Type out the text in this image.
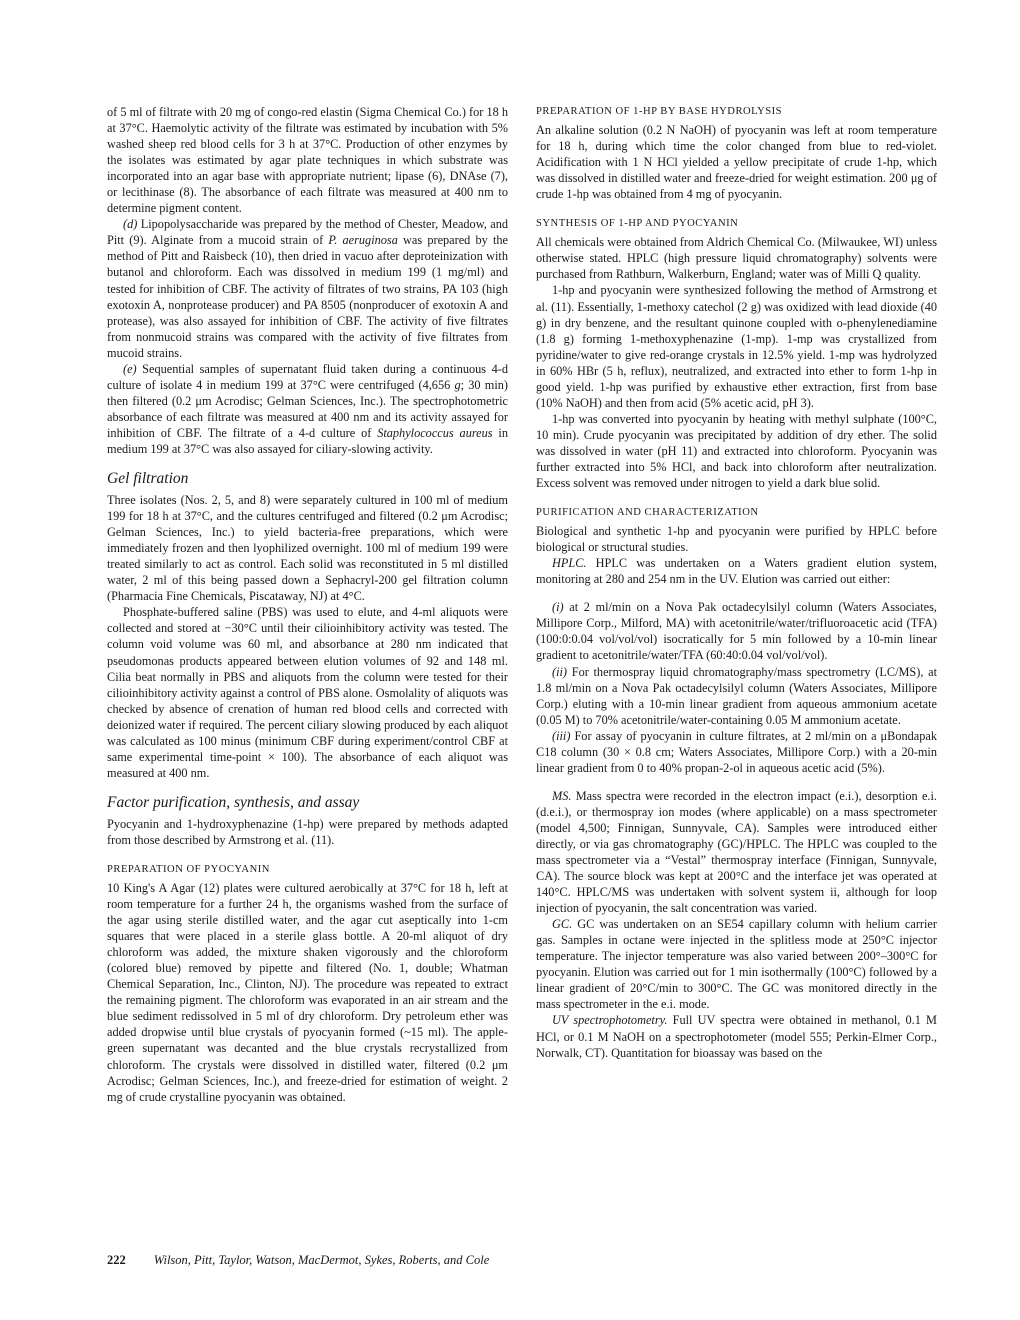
of 5 ml of filtrate with 20 mg of congo-red elastin (Sigma Chemical Co.) for 18 h at 37°C. Haemolytic activity of the filtrate was estimated by incubation with 5% washed sheep red blood cells for 3 h at 37°C. Production of other enzymes by the isolates was estimated by agar plate techniques in which substrate was incorporated into an agar base with appropriate nutrient; lipase (6), DNAse (7), or lecithinase (8). The absorbance of each filtrate was measured at 400 nm to determine pigment content.

(d) Lipopolysaccharide was prepared by the method of Chester, Meadow, and Pitt (9). Alginate from a mucoid strain of P. aeruginosa was prepared by the method of Pitt and Raisbeck (10), then dried in vacuo after deproteinization with butanol and chloroform. Each was dissolved in medium 199 (1 mg/ml) and tested for inhibition of CBF. The activity of filtrates of two strains, PA 103 (high exotoxin A, nonprotease producer) and PA 8505 (nonproducer of exotoxin A and protease), was also assayed for inhibition of CBF. The activity of five filtrates from nonmucoid strains was compared with the activity of five filtrates from mucoid strains.

(e) Sequential samples of supernatant fluid taken during a continuous 4-d culture of isolate 4 in medium 199 at 37°C were centrifuged (4,656 g; 30 min) then filtered (0.2 μm Acrodisc; Gelman Sciences, Inc.). The spectrophotometric absorbance of each filtrate was measured at 400 nm and its activity assayed for inhibition of CBF. The filtrate of a 4-d culture of Staphylococcus aureus in medium 199 at 37°C was also assayed for ciliary-slowing activity.

Gel filtration

Three isolates (Nos. 2, 5, and 8) were separately cultured in 100 ml of medium 199 for 18 h at 37°C, and the cultures centrifuged and filtered (0.2 μm Acrodisc; Gelman Sciences, Inc.) to yield bacteria-free preparations, which were immediately frozen and then lyophilized overnight. 100 ml of medium 199 were treated similarly to act as control. Each solid was reconstituted in 5 ml distilled water, 2 ml of this being passed down a Sephacryl-200 gel filtration column (Pharmacia Fine Chemicals, Piscataway, NJ) at 4°C.

Phosphate-buffered saline (PBS) was used to elute, and 4-ml aliquots were collected and stored at −30°C until their cilioinhibitory activity was tested. The column void volume was 60 ml, and absorbance at 280 nm indicated that pseudomonas products appeared between elution volumes of 92 and 148 ml. Cilia beat normally in PBS and aliquots from the column were tested for their cilioinhibitory activity against a control of PBS alone. Osmolality of aliquots was checked by absence of crenation of human red blood cells and corrected with deionized water if required. The percent ciliary slowing produced by each aliquot was calculated as 100 minus (minimum CBF during experiment/control CBF at same experimental time-point × 100). The absorbance of each aliquot was measured at 400 nm.

Factor purification, synthesis, and assay

Pyocyanin and 1-hydroxyphenazine (1-hp) were prepared by methods adapted from those described by Armstrong et al. (11).

PREPARATION OF PYOCYANIN

10 King's A Agar (12) plates were cultured aerobically at 37°C for 18 h, left at room temperature for a further 24 h, the organisms washed from the surface of the agar using sterile distilled water, and the agar cut aseptically into 1-cm squares that were placed in a sterile glass bottle. A 20-ml aliquot of dry chloroform was added, the mixture shaken vigorously and the chloroform (colored blue) removed by pipette and filtered (No. 1, double; Whatman Chemical Separation, Inc., Clinton, NJ). The procedure was repeated to extract the remaining pigment. The chloroform was evaporated in an air stream and the blue sediment redissolved in 5 ml of dry chloroform. Dry petroleum ether was added dropwise until blue crystals of pyocyanin formed (~15 ml). The apple-green supernatant was decanted and the blue crystals recrystallized from chloroform. The crystals were dissolved in distilled water, filtered (0.2 μm Acrodisc; Gelman Sciences, Inc.), and freeze-dried for estimation of weight. 2 mg of crude crystalline pyocyanin was obtained.

PREPARATION OF 1-HP BY BASE HYDROLYSIS

An alkaline solution (0.2 N NaOH) of pyocyanin was left at room temperature for 18 h, during which time the color changed from blue to red-violet. Acidification with 1 N HCl yielded a yellow precipitate of crude 1-hp, which was dissolved in distilled water and freeze-dried for weight estimation. 200 μg of crude 1-hp was obtained from 4 mg of pyocyanin.

SYNTHESIS OF 1-HP AND PYOCYANIN

All chemicals were obtained from Aldrich Chemical Co. (Milwaukee, WI) unless otherwise stated. HPLC (high pressure liquid chromatography) solvents were purchased from Rathburn, Walkerburn, England; water was of Milli Q quality.

1-hp and pyocyanin were synthesized following the method of Armstrong et al. (11). Essentially, 1-methoxy catechol (2 g) was oxidized with lead dioxide (40 g) in dry benzene, and the resultant quinone coupled with o-phenylenediamine (1.8 g) forming 1-methoxyphenazine (1-mp). 1-mp was crystallized from pyridine/water to give red-orange crystals in 12.5% yield. 1-mp was hydrolyzed in 60% HBr (5 h, reflux), neutralized, and extracted into ether to form 1-hp in good yield. 1-hp was purified by exhaustive ether extraction, first from base (10% NaOH) and then from acid (5% acetic acid, pH 3).

1-hp was converted into pyocyanin by heating with methyl sulphate (100°C, 10 min). Crude pyocyanin was precipitated by addition of dry ether. The solid was dissolved in water (pH 11) and extracted into chloroform. Pyocyanin was further extracted into 5% HCl, and back into chloroform after neutralization. Excess solvent was removed under nitrogen to yield a dark blue solid.

PURIFICATION AND CHARACTERIZATION

Biological and synthetic 1-hp and pyocyanin were purified by HPLC before biological or structural studies.

HPLC. HPLC was undertaken on a Waters gradient elution system, monitoring at 280 and 254 nm in the UV. Elution was carried out either:

(i) at 2 ml/min on a Nova Pak octadecylsilyl column (Waters Associates, Millipore Corp., Milford, MA) with acetonitrile/water/trifluoroacetic acid (TFA) (100:0:0.04 vol/vol/vol) isocratically for 5 min followed by a 10-min linear gradient to acetonitrile/water/TFA (60:40:0.04 vol/vol/vol).

(ii) For thermospray liquid chromatography/mass spectrometry (LC/MS), at 1.8 ml/min on a Nova Pak octadecylsilyl column (Waters Associates, Millipore Corp.) eluting with a 10-min linear gradient from aqueous ammonium acetate (0.05 M) to 70% acetonitrile/water-containing 0.05 M ammonium acetate.

(iii) For assay of pyocyanin in culture filtrates, at 2 ml/min on a μBondapak C18 column (30 × 0.8 cm; Waters Associates, Millipore Corp.) with a 20-min linear gradient from 0 to 40% propan-2-ol in aqueous acetic acid (5%).

MS. Mass spectra were recorded in the electron impact (e.i.), desorption e.i. (d.e.i.), or thermospray ion modes (where applicable) on a mass spectrometer (model 4,500; Finnigan, Sunnyvale, CA). Samples were introduced either directly, or via gas chromatography (GC)/HPLC. The HPLC was coupled to the mass spectrometer via a “Vestal” thermospray interface (Finnigan, Sunnyvale, CA). The source block was kept at 200°C and the interface jet was operated at 140°C. HPLC/MS was undertaken with solvent system ii, although for loop injection of pyocyanin, the salt concentration was varied.

GC. GC was undertaken on an SE54 capillary column with helium carrier gas. Samples in octane were injected in the splitless mode at 250°C injector temperature. The injector temperature was also varied between 200°–300°C for pyocyanin. Elution was carried out for 1 min isothermally (100°C) followed by a linear gradient of 20°C/min to 300°C. The GC was monitored directly in the mass spectrometer in the e.i. mode.

UV spectrophotometry. Full UV spectra were obtained in methanol, 0.1 M HCl, or 0.1 M NaOH on a spectrophotometer (model 555; Perkin-Elmer Corp., Norwalk, CT). Quantitation for bioassay was based on the

222 Wilson, Pitt, Taylor, Watson, MacDermot, Sykes, Roberts, and Cole
